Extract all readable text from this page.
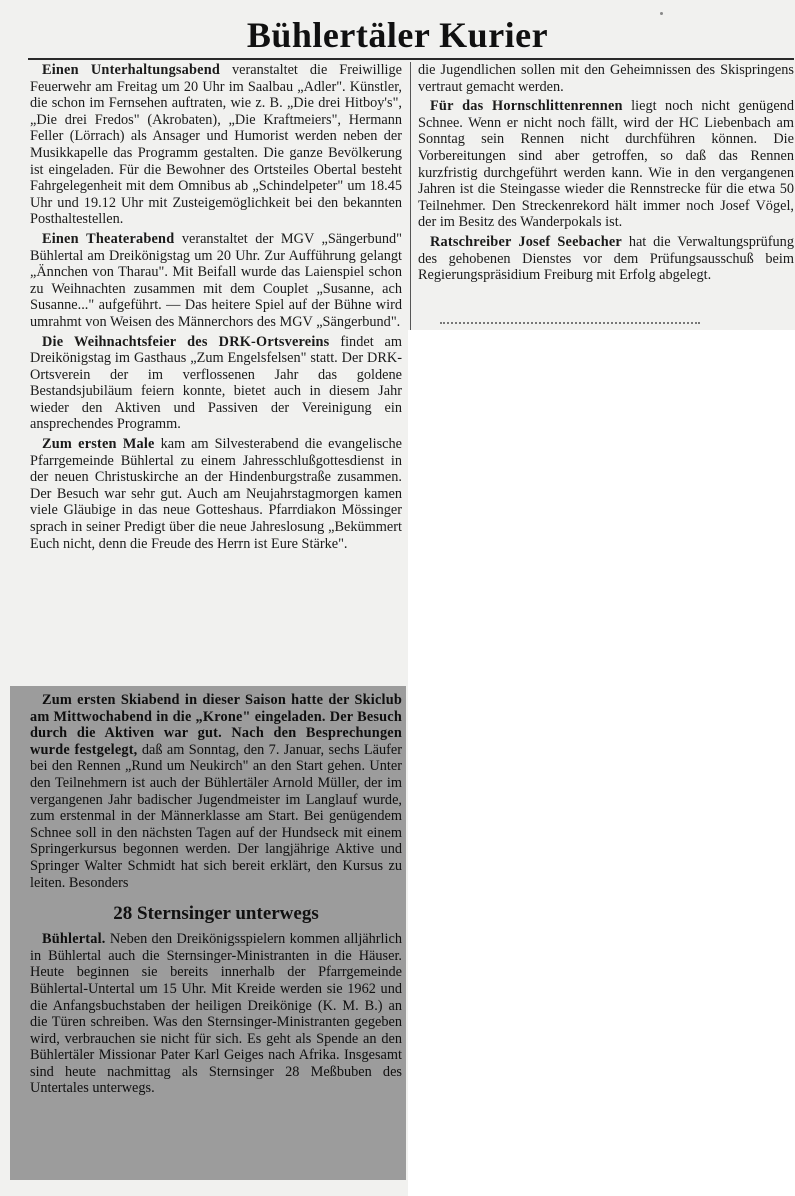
Bühlertäler Kurier

Einen Unterhaltungsabend veranstaltet die Freiwillige Feuerwehr am Freitag um 20 Uhr im Saalbau „Adler". Künstler, die schon im Fernsehen auftraten, wie z. B. „Die drei Hitboy's", „Die drei Fredos" (Akrobaten), „Die Kraftmeiers", Hermann Feller (Lörrach) als Ansager und Humorist werden neben der Musikkapelle das Programm gestalten. Die ganze Bevölkerung ist eingeladen. Für die Bewohner des Ortsteiles Obertal besteht Fahrgelegenheit mit dem Omnibus ab „Schindelpeter" um 18.45 Uhr und 19.12 Uhr mit Zusteigemöglichkeit bei den bekannten Posthaltestellen.

Einen Theaterabend veranstaltet der MGV „Sängerbund" Bühlertal am Dreikönigstag um 20 Uhr. Zur Aufführung gelangt „Ännchen von Tharau". Mit Beifall wurde das Laienspiel schon zu Weihnachten zusammen mit dem Couplet „Susanne, ach Susanne..." aufgeführt. — Das heitere Spiel auf der Bühne wird umrahmt von Weisen des Männerchors des MGV „Sängerbund".

Die Weihnachtsfeier des DRK-Ortsvereins findet am Dreikönigstag im Gasthaus „Zum Engelsfelsen" statt. Der DRK-Ortsverein der im verflossenen Jahr das goldene Bestandsjubiläum feiern konnte, bietet auch in diesem Jahr wieder den Aktiven und Passiven der Vereinigung ein ansprechendes Programm.

Zum ersten Male kam am Silvesterabend die evangelische Pfarrgemeinde Bühlertal zu einem Jahresschlußgottesdienst in der neuen Christuskirche an der Hindenburgstraße zusammen. Der Besuch war sehr gut. Auch am Neujahrstagmorgen kamen viele Gläubige in das neue Gotteshaus. Pfarrdiakon Mössinger sprach in seiner Predigt über die neue Jahreslosung „Bekümmert Euch nicht, denn die Freude des Herrn ist Eure Stärke".

Zum ersten Skiabend in dieser Saison hatte der Skiclub am Mittwochabend in die „Krone" eingeladen. Der Besuch durch die Aktiven war gut. Nach den Besprechungen wurde festgelegt, daß am Sonntag, den 7. Januar, sechs Läufer bei den Rennen „Rund um Neukirch" an den Start gehen. Unter den Teilnehmern ist auch der Bühlertäler Arnold Müller, der im vergangenen Jahr badischer Jugendmeister im Langlauf wurde, zum erstenmal in der Männerklasse am Start. Bei genügendem Schnee soll in den nächsten Tagen auf der Hundseck mit einem Springerkursus begonnen werden. Der langjährige Aktive und Springer Walter Schmidt hat sich bereit erklärt, den Kursus zu leiten. Besonders

28 Sternsinger unterwegs

Bühlertal. Neben den Dreikönigsspielern kommen alljährlich in Bühlertal auch die Sternsinger-Ministranten in die Häuser. Heute beginnen sie bereits innerhalb der Pfarrgemeinde Bühlertal-Untertal um 15 Uhr. Mit Kreide werden sie 1962 und die Anfangsbuchstaben der heiligen Dreikönige (K. M. B.) an die Türen schreiben. Was den Sternsinger-Ministranten gegeben wird, verbrauchen sie nicht für sich. Es geht als Spende an den Bühlertäler Missionar Pater Karl Geiges nach Afrika. Insgesamt sind heute nachmittag als Sternsinger 28 Meßbuben des Untertales unterwegs.

die Jugendlichen sollen mit den Geheimnissen des Skispringens vertraut gemacht werden.

Für das Hornschlittenrennen liegt noch nicht genügend Schnee. Wenn er nicht noch fällt, wird der HC Liebenbach am Sonntag sein Rennen nicht durchführen können. Die Vorbereitungen sind aber getroffen, so daß das Rennen kurzfristig durchgeführt werden kann. Wie in den vergangenen Jahren ist die Steingasse wieder die Rennstrecke für die etwa 50 Teilnehmer. Den Streckenrekord hält immer noch Josef Vögel, der im Besitz des Wanderpokals ist.

Ratschreiber Josef Seebacher hat die Verwaltungsprüfung des gehobenen Dienstes vor dem Prüfungsausschuß beim Regierungspräsidium Freiburg mit Erfolg abgelegt.
